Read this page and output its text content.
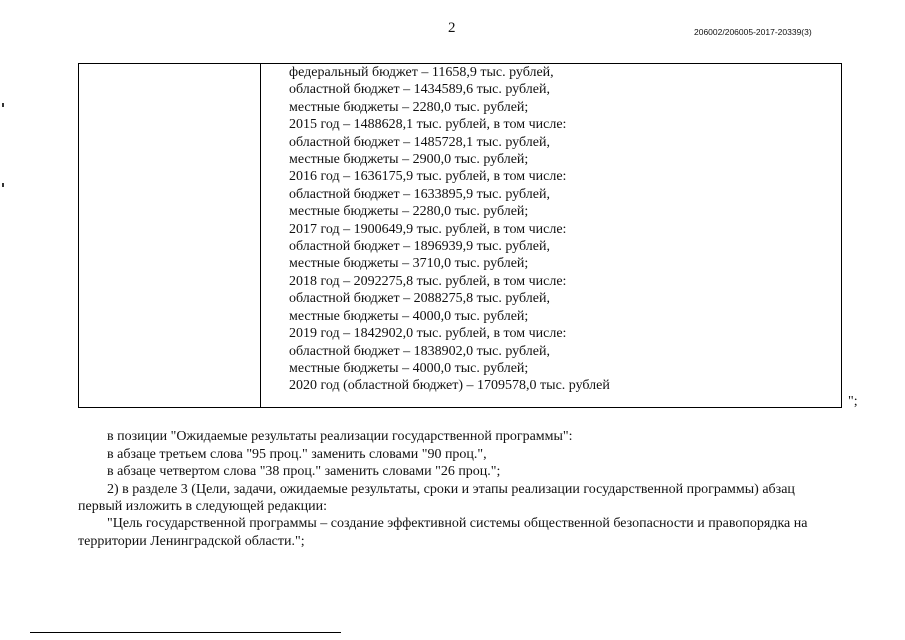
2	206002/206005-2017-20339(3)
федеральный бюджет – 11658,9 тыс. рублей,
областной бюджет – 1434589,6 тыс. рублей,
местные бюджеты – 2280,0 тыс. рублей;
2015 год – 1488628,1 тыс. рублей, в том числе:
областной бюджет – 1485728,1 тыс. рублей,
местные бюджеты – 2900,0 тыс. рублей;
2016 год – 1636175,9 тыс. рублей, в том числе:
областной бюджет – 1633895,9 тыс. рублей,
местные бюджеты – 2280,0 тыс. рублей;
2017 год – 1900649,9 тыс. рублей, в том числе:
областной бюджет – 1896939,9 тыс. рублей,
местные бюджеты – 3710,0 тыс. рублей;
2018 год – 2092275,8 тыс. рублей, в том числе:
областной бюджет – 2088275,8 тыс. рублей,
местные бюджеты – 4000,0 тыс. рублей;
2019 год – 1842902,0 тыс. рублей, в том числе:
областной бюджет – 1838902,0 тыс. рублей,
местные бюджеты – 4000,0 тыс. рублей;
2020 год (областной бюджет) – 1709578,0 тыс. рублей
";
в позиции "Ожидаемые результаты реализации государственной программы":
в абзаце третьем слова "95 проц." заменить словами "90 проц.",
в абзаце четвертом слова "38 проц." заменить словами "26 проц.";
2) в разделе 3 (Цели, задачи, ожидаемые результаты, сроки и этапы реализации государственной программы) абзац
первый изложить в следующей редакции:
"Цель государственной программы – создание эффективной системы общественной безопасности и правопорядка на
территории Ленинградской области.";
